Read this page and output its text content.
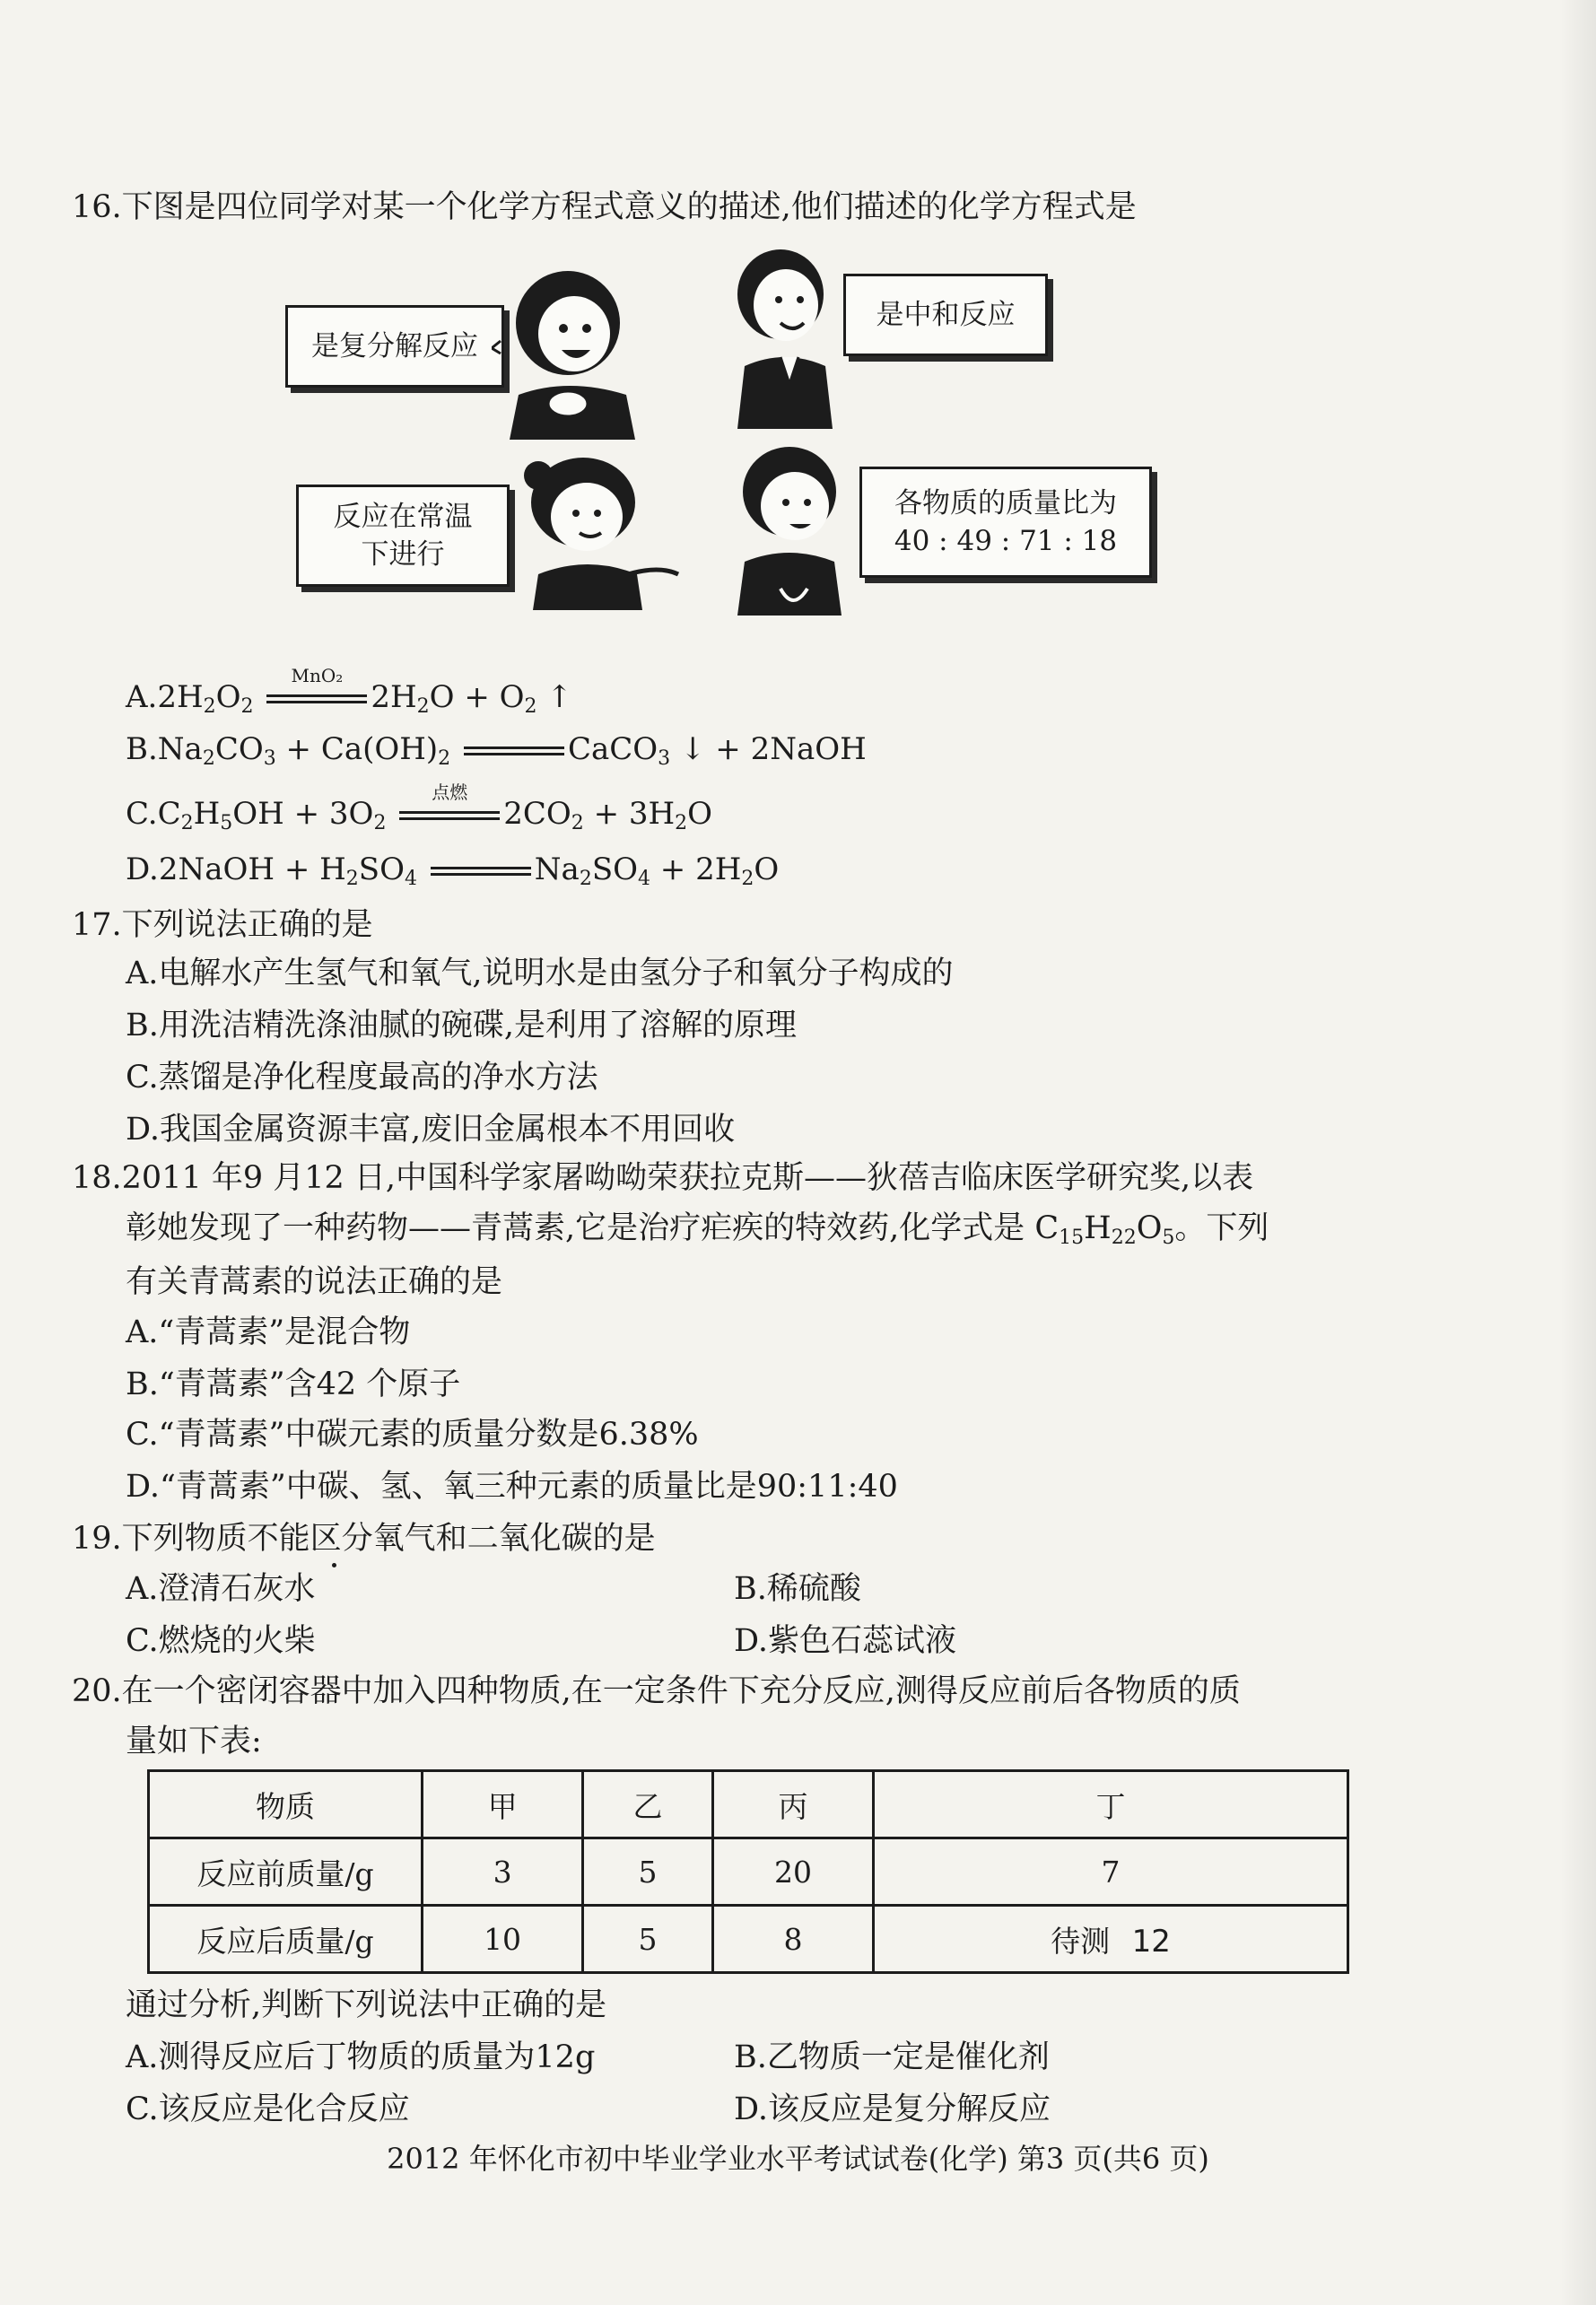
16.下图是四位同学对某一个化学方程式意义的描述,他们描述的化学方程式是
是复分解反应
是中和反应
反应在常温
下进行
各物质的质量比为
40 : 49 : 71 : 18
$A.2H_2O_2$
MnO₂
$2H_2O + O_2$ ↑
$B.Na_2CO_3 + Ca(OH)_2$	CaCO$_3$ ↓ + 2NaOH
$C.C_2H_5OH + 3O_2$
点燃
$2CO_2 + 3H_2O$
D.2NaOH + $H_2SO_4$	$Na_2SO_4 + 2H_2O$
17.下列说法正确的是
A.电解水产生氢气和氧气,说明水是由氢分子和氧分子构成的
B.用洗洁精洗涤油腻的碗碟,是利用了溶解的原理
C.蒸馏是净化程度最高的净水方法
D.我国金属资源丰富,废旧金属根本不用回收
18.2011 年9 月12 日,中国科学家屠呦呦荣获拉克斯——狄蓓吉临床医学研究奖,以表
彰她发现了一种药物——青蒿素,它是治疗疟疾的特效药,化学式是 $C_{15}H_{22}O_5$。下列
有关青蒿素的说法正确的是
A.“青蒿素”是混合物
B.“青蒿素”含42 个原子
C.“青蒿素”中碳元素的质量分数是6.38%
D.“青蒿素”中碳、氢、氧三种元素的质量比是90:11:40
19.下列物质不能区分氧气和二氧化碳的是
A.澄清石灰水	B.稀硫酸
C.燃烧的火柴	D.紫色石蕊试液
20.在一个密闭容器中加入四种物质,在一定条件下充分反应,测得反应前后各物质的质
量如下表:
物质	甲	乙	丙	丁
反应前质量/g	3	5	20	7
反应后质量/g	10	5	8	待测 12
通过分析,判断下列说法中正确的是
A.测得反应后丁物质的质量为12g	B.乙物质一定是催化剂
C.该反应是化合反应	D.该反应是复分解反应
2012 年怀化市初中毕业学业水平考试试卷(化学) 第3 页(共6 页)
